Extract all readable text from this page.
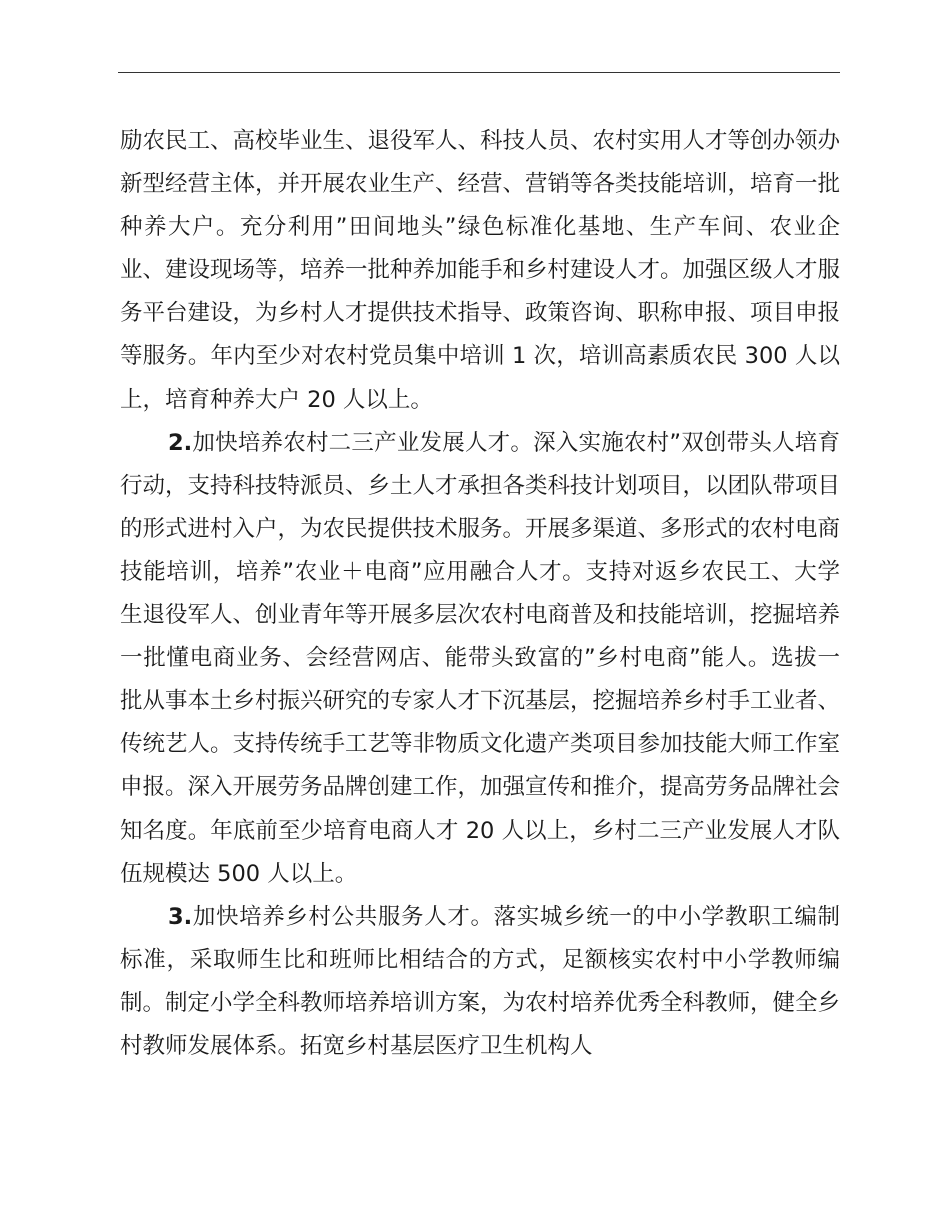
励农民工、高校毕业生、退役军人、科技人员、农村实用人才等创办领办新型经营主体，并开展农业生产、经营、营销等各类技能培训，培育一批种养大户。充分利用”田间地头”绿色标准化基地、生产车间、农业企业、建设现场等，培养一批种养加能手和乡村建设人才。加强区级人才服务平台建设，为乡村人才提供技术指导、政策咨询、职称申报、项目申报等服务。年内至少对农村党员集中培训 1 次，培训高素质农民 300 人以上，培育种养大户 20 人以上。

2.加快培养农村二三产业发展人才。深入实施农村”双创带头人培育行动，支持科技特派员、乡土人才承担各类科技计划项目，以团队带项目的形式进村入户，为农民提供技术服务。开展多渠道、多形式的农村电商技能培训，培养”农业＋电商”应用融合人才。支持对返乡农民工、大学生退役军人、创业青年等开展多层次农村电商普及和技能培训，挖掘培养一批懂电商业务、会经营网店、能带头致富的”乡村电商”能人。选拔一批从事本土乡村振兴研究的专家人才下沉基层，挖掘培养乡村手工业者、传统艺人。支持传统手工艺等非物质文化遗产类项目参加技能大师工作室申报。深入开展劳务品牌创建工作，加强宣传和推介，提高劳务品牌社会知名度。年底前至少培育电商人才 20 人以上，乡村二三产业发展人才队伍规模达 500 人以上。

3.加快培养乡村公共服务人才。落实城乡统一的中小学教职工编制标准，采取师生比和班师比相结合的方式，足额核实农村中小学教师编制。制定小学全科教师培养培训方案，为农村培养优秀全科教师，健全乡村教师发展体系。拓宽乡村基层医疗卫生机构人
